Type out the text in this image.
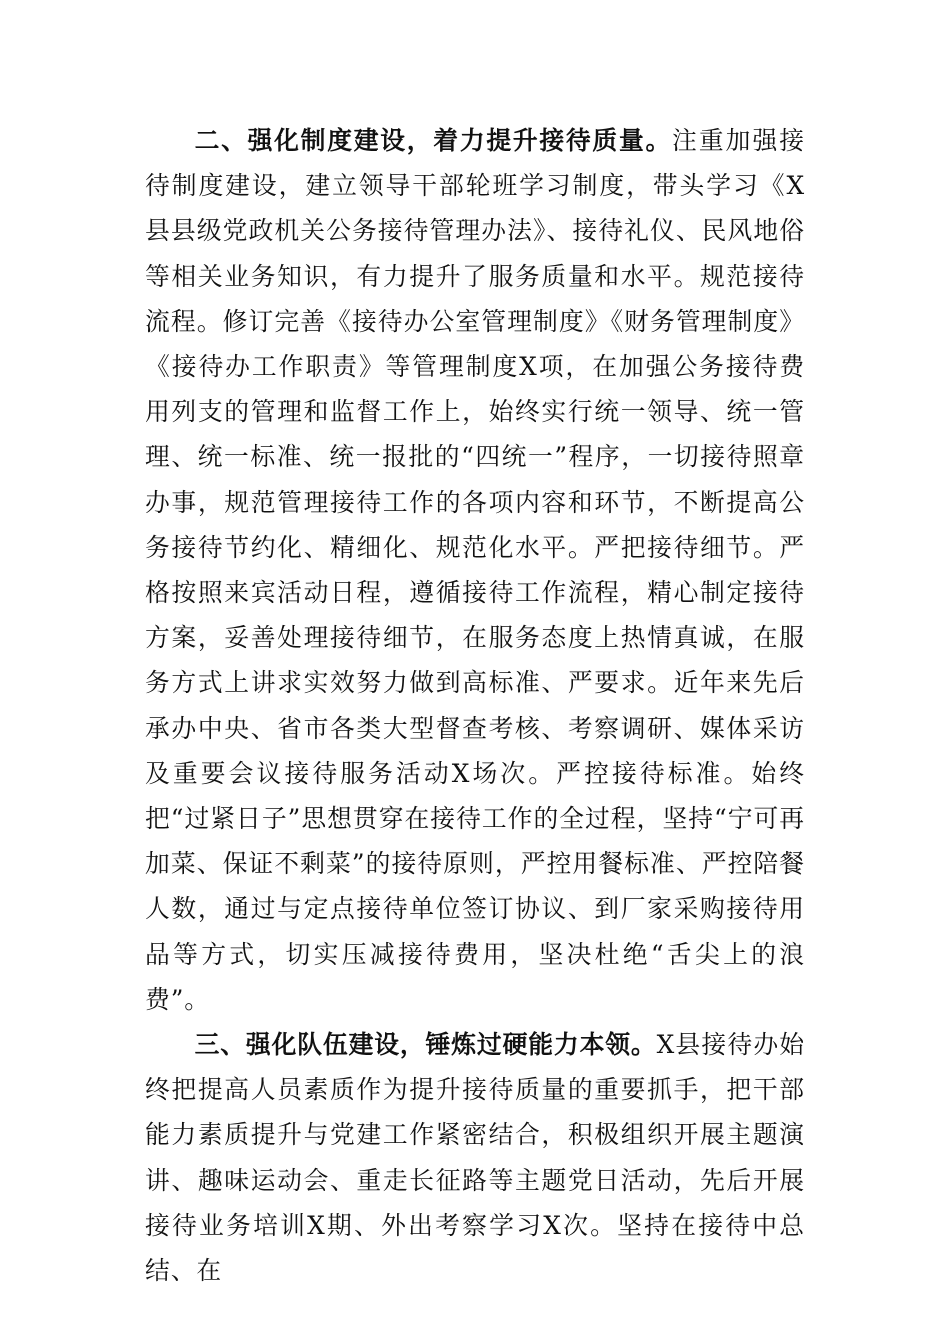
二、强化制度建设，着力提升接待质量。注重加强接待制度建设，建立领导干部轮班学习制度，带头学习《X县县级党政机关公务接待管理办法》、接待礼仪、民风地俗等相关业务知识，有力提升了服务质量和水平。规范接待流程。修订完善《接待办公室管理制度》《财务管理制度》《接待办工作职责》等管理制度X项，在加强公务接待费用列支的管理和监督工作上，始终实行统一领导、统一管理、统一标准、统一报批的“四统一”程序，一切接待照章办事，规范管理接待工作的各项内容和环节，不断提高公务接待节约化、精细化、规范化水平。严把接待细节。严格按照来宾活动日程，遵循接待工作流程，精心制定接待方案，妥善处理接待细节，在服务态度上热情真诚，在服务方式上讲求实效努力做到高标准、严要求。近年来先后承办中央、省市各类大型督查考核、考察调研、媒体采访及重要会议接待服务活动X场次。严控接待标准。始终把“过紧日子”思想贯穿在接待工作的全过程，坚持“宁可再加菜、保证不剩菜”的接待原则，严控用餐标准、严控陪餐人数，通过与定点接待单位签订协议、到厂家采购接待用品等方式，切实压减接待费用，坚决杜绝“舌尖上的浪费”。

三、强化队伍建设，锤炼过硬能力本领。X县接待办始终把提高人员素质作为提升接待质量的重要抓手，把干部能力素质提升与党建工作紧密结合，积极组织开展主题演讲、趣味运动会、重走长征路等主题党日活动，先后开展接待业务培训X期、外出考察学习X次。坚持在接待中总结、在
